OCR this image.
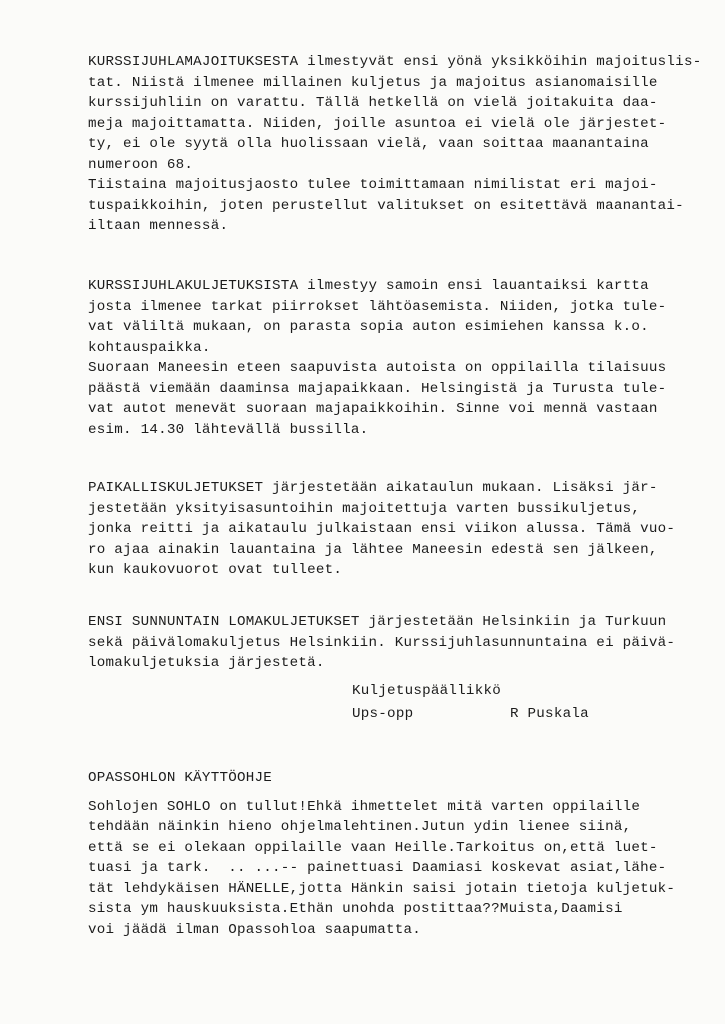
KURSSIJUHLAMAJOITUKSESTA ilmestyvät ensi yönä yksikköihin majoituslis-
tat. Niistä ilmenee millainen kuljetus ja majoitus asianomaisille
kurssijuhliin on varattu. Tällä hetkellä on vielä joitakuita daa-
meja majoittamatta. Niiden, joille asuntoa ei vielä ole järjestet-
ty, ei ole syytä olla huolissaan vielä, vaan soittaa maanantaina
numeroon 68.
Tiistaina majoitusjaosto tulee toimittamaan nimilistat eri majoi-
tuspaikkoihin, joten perustellut valitukset on esitettävä maanantai-
iltaan mennessä.
KURSSIJUHLAKULJETUKSISTA ilmestyy samoin ensi lauantaiksi kartta
josta ilmenee tarkat piirrokset lähtöasemista. Niiden, jotka tule-
vat väliltä mukaan, on parasta sopia auton esimiehen kanssa k.o.
kohtauspaikka.
Suoraan Maneesin eteen saapuvista autoista on oppilailla tilaisuus
päästä viemään daaminsa majapaikkaan. Helsingistä ja Turusta tule-
vat autot menevät suoraan majapaikkoihin. Sinne voi mennä vastaan
esim. 14.30 lähtevällä bussilla.
PAIKALLISKULJETUKSET järjestetään aikataulun mukaan. Lisäksi jär-
jestetään yksityisasuntoihin majoitettuja varten bussikuljetus,
jonka reitti ja aikataulu julkaistaan ensi viikon alussa. Tämä vuo-
ro ajaa ainakin lauantaina ja lähtee Maneesin edestä sen jälkeen,
kun kaukovuorot ovat tulleet.
ENSI SUNNUNTAIN LOMAKULJETUKSET järjestetään Helsinkiin ja Turkuun
sekä päivälomakuljetus Helsinkiin. Kurssijuhlasunnuntaina ei päivä-
lomakuljetuksia järjestetä.
Kuljetuspäällikkö
Ups-opp	R Puskala
OPASSOHLON KÄYTTÖOHJE
Sohlojen SOHLO on tullut!Ehkä ihmettelet mitä varten oppilaille
tehdään näinkin hieno ohjelmalehtinen.Jutun ydin lienee siinä,
että se ei olekaan oppilaille vaan Heille.Tarkoitus on,että luet-
tuasi ja tark.  .. ...-- painettuasi Daamiasi koskevat asiat,lähe-
tät lehdykäisen HÄNELLE,jotta Hänkin saisi jotain tietoja kuljetuk-
sista ym hauskuuksista.Ethän unohda postittaa??Muista,Daamisi
voi jäädä ilman Opassohloa saapumatta.
